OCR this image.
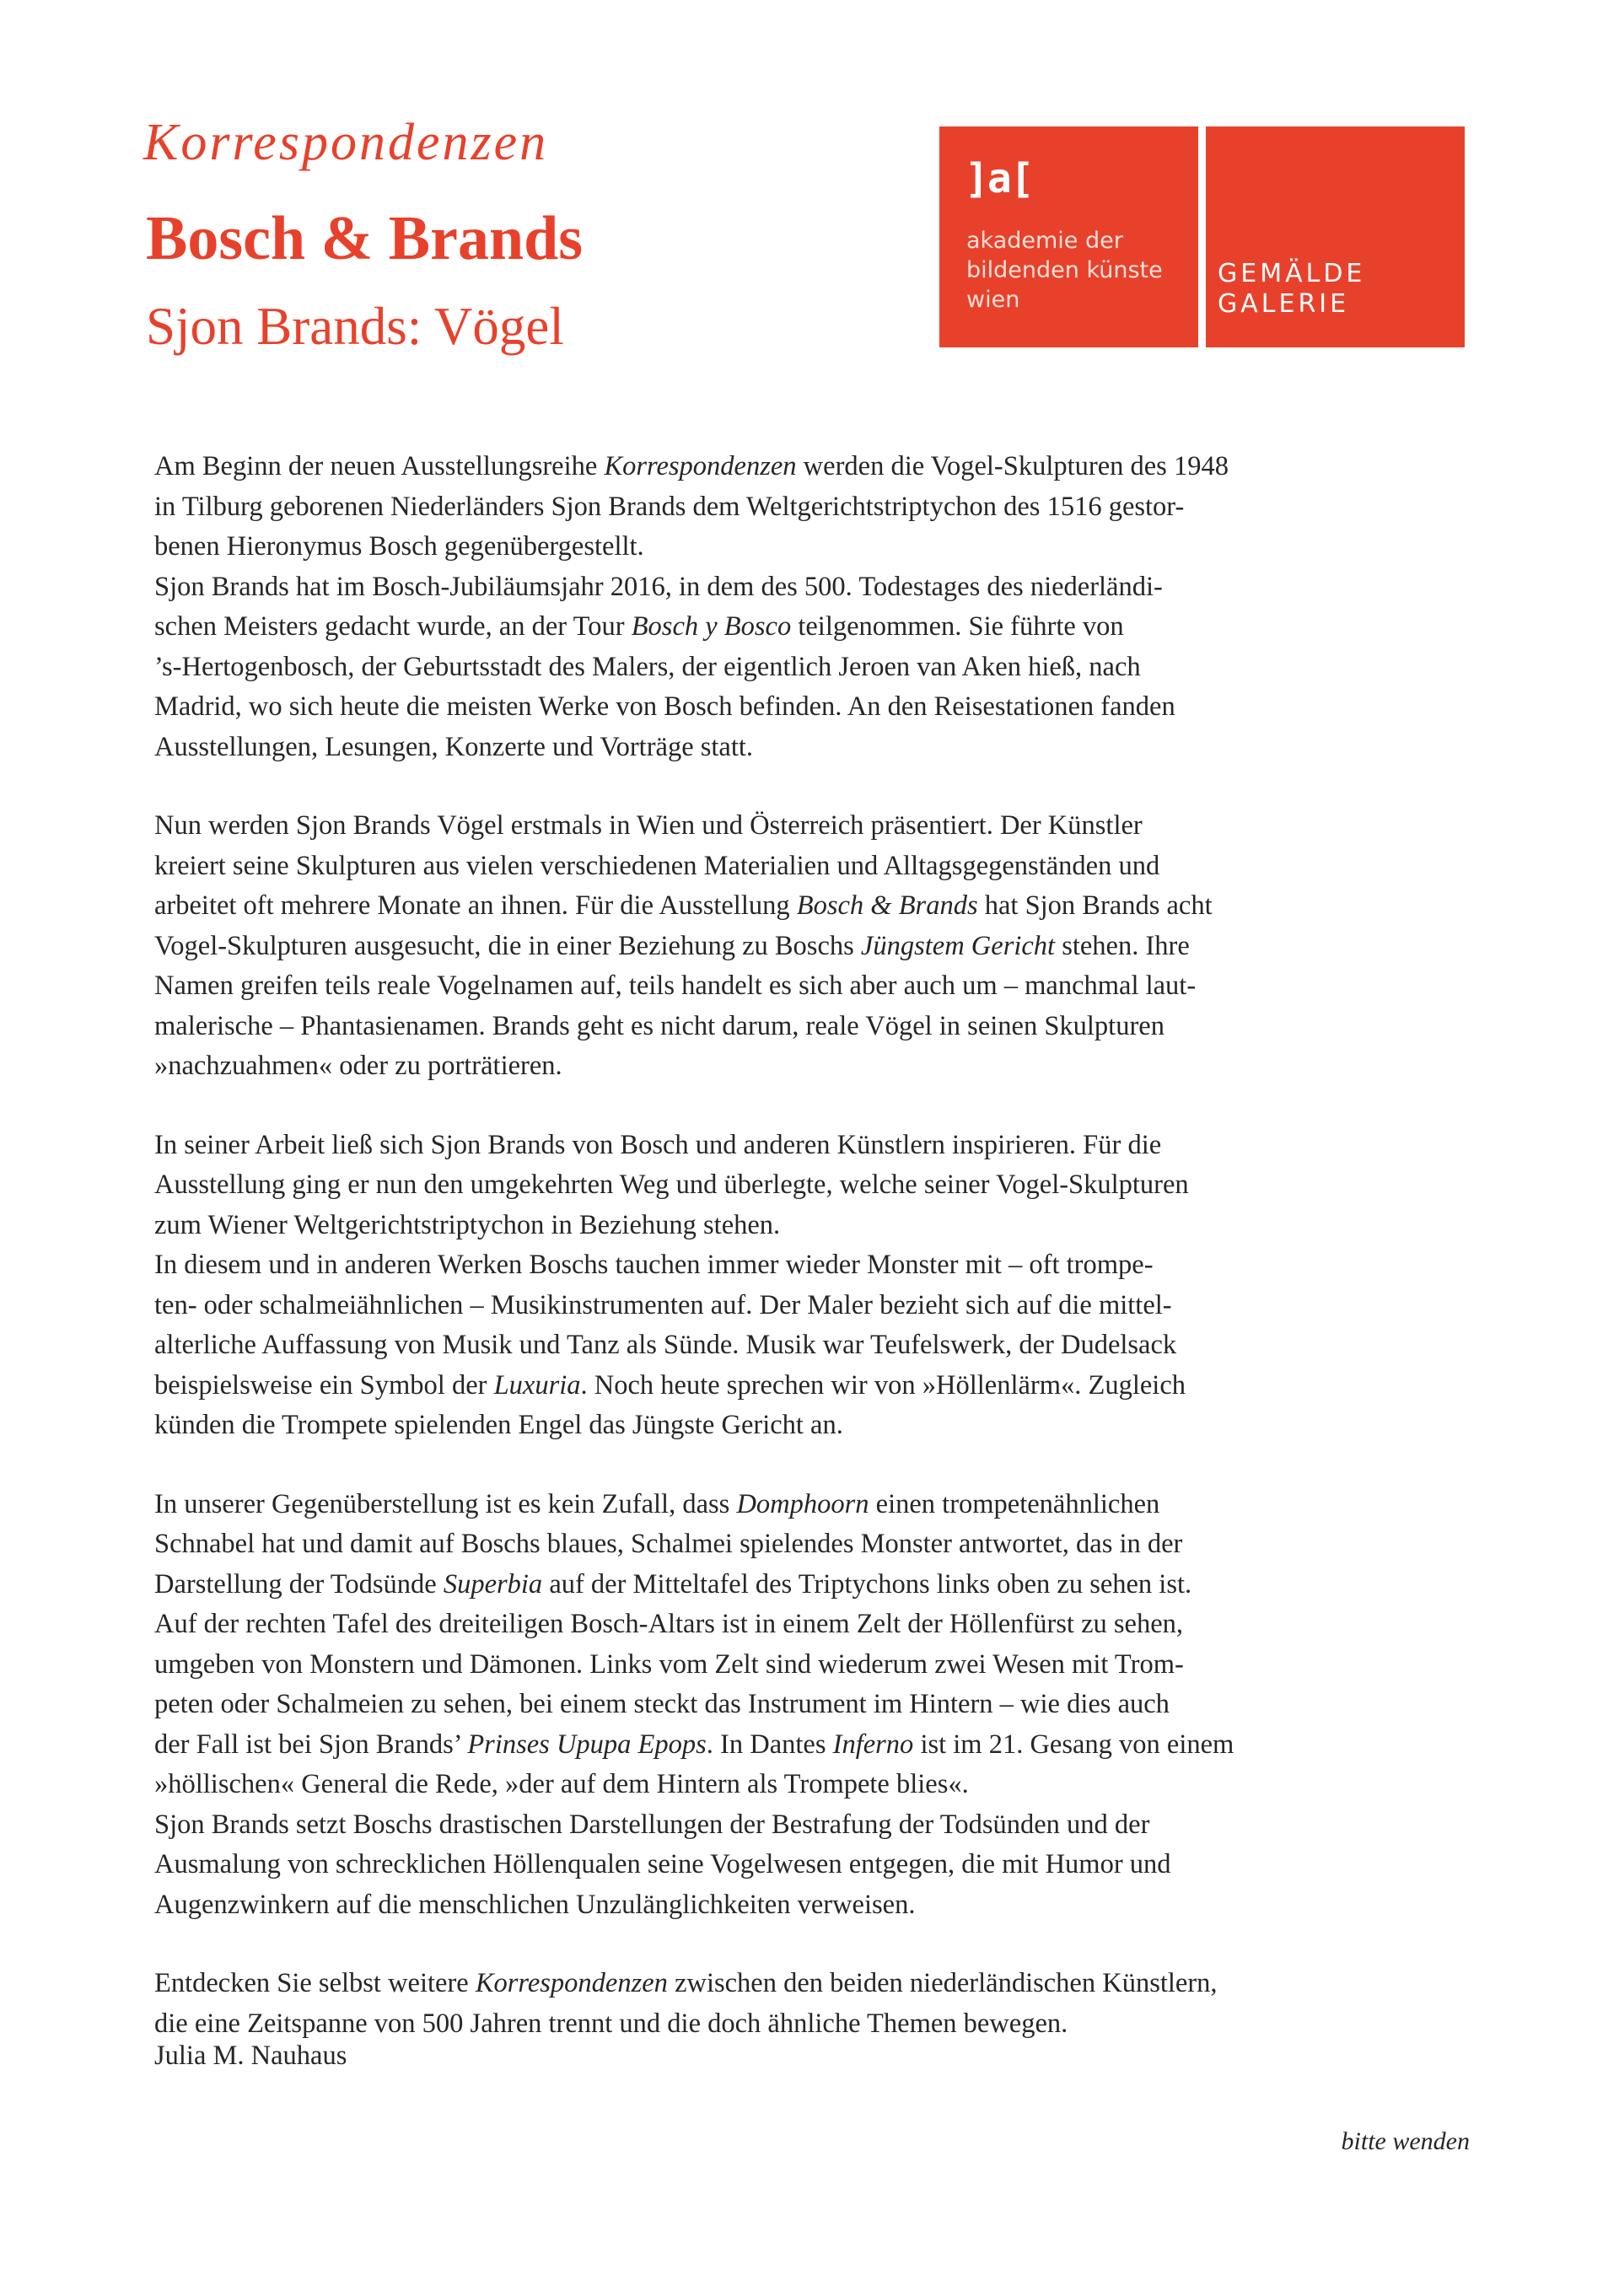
Korrespondenzen
Bosch & Brands
Sjon Brands: Vögel

]a[

akademie der
bildenden künste
wien

GEMÄLDE
GALERIE

Am Beginn der neuen Ausstellungsreihe Korrespondenzen werden die Vogel-Skulpturen des 1948
in Tilburg geborenen Niederländers Sjon Brands dem Weltgerichtstriptychon des 1516 gestor-
benen Hieronymus Bosch gegenübergestellt.
Sjon Brands hat im Bosch-Jubiläumsjahr 2016, in dem des 500. Todestages des niederländi-
schen Meisters gedacht wurde, an der Tour Bosch y Bosco teilgenommen. Sie führte von
’s-Hertogenbosch, der Geburtsstadt des Malers, der eigentlich Jeroen van Aken hieß, nach
Madrid, wo sich heute die meisten Werke von Bosch befinden. An den Reisestationen fanden
Ausstellungen, Lesungen, Konzerte und Vorträge statt.

Nun werden Sjon Brands Vögel erstmals in Wien und Österreich präsentiert. Der Künstler
kreiert seine Skulpturen aus vielen verschiedenen Materialien und Alltagsgegenständen und
arbeitet oft mehrere Monate an ihnen. Für die Ausstellung Bosch & Brands hat Sjon Brands acht
Vogel-Skulpturen ausgesucht, die in einer Beziehung zu Boschs Jüngstem Gericht stehen. Ihre
Namen greifen teils reale Vogelnamen auf, teils handelt es sich aber auch um – manchmal laut-
malerische – Phantasienamen. Brands geht es nicht darum, reale Vögel in seinen Skulpturen
»nachzuahmen« oder zu porträtieren.

In seiner Arbeit ließ sich Sjon Brands von Bosch und anderen Künstlern inspirieren. Für die
Ausstellung ging er nun den umgekehrten Weg und überlegte, welche seiner Vogel-Skulpturen
zum Wiener Weltgerichtstriptychon in Beziehung stehen.
In diesem und in anderen Werken Boschs tauchen immer wieder Monster mit – oft trompe-
ten- oder schalmeiähnlichen – Musikinstrumenten auf. Der Maler bezieht sich auf die mittel-
alterliche Auffassung von Musik und Tanz als Sünde. Musik war Teufelswerk, der Dudelsack
beispielsweise ein Symbol der Luxuria. Noch heute sprechen wir von »Höllenlärm«. Zugleich
künden die Trompete spielenden Engel das Jüngste Gericht an.

In unserer Gegenüberstellung ist es kein Zufall, dass Domphoorn einen trompetenähnlichen
Schnabel hat und damit auf Boschs blaues, Schalmei spielendes Monster antwortet, das in der
Darstellung der Todsünde Superbia auf der Mitteltafel des Triptychons links oben zu sehen ist.
Auf der rechten Tafel des dreiteiligen Bosch-Altars ist in einem Zelt der Höllenfürst zu sehen,
umgeben von Monstern und Dämonen. Links vom Zelt sind wiederum zwei Wesen mit Trom-
peten oder Schalmeien zu sehen, bei einem steckt das Instrument im Hintern – wie dies auch
der Fall ist bei Sjon Brands’ Prinses Upupa Epops. In Dantes Inferno ist im 21. Gesang von einem
»höllischen« General die Rede, »der auf dem Hintern als Trompete blies«.
Sjon Brands setzt Boschs drastischen Darstellungen der Bestrafung der Todsünden und der
Ausmalung von schrecklichen Höllenqualen seine Vogelwesen entgegen, die mit Humor und
Augenzwinkern auf die menschlichen Unzulänglichkeiten verweisen.

Entdecken Sie selbst weitere Korrespondenzen zwischen den beiden niederländischen Künstlern,
die eine Zeitspanne von 500 Jahren trennt und die doch ähnliche Themen bewegen.

Julia M. Nauhaus

bitte wenden
